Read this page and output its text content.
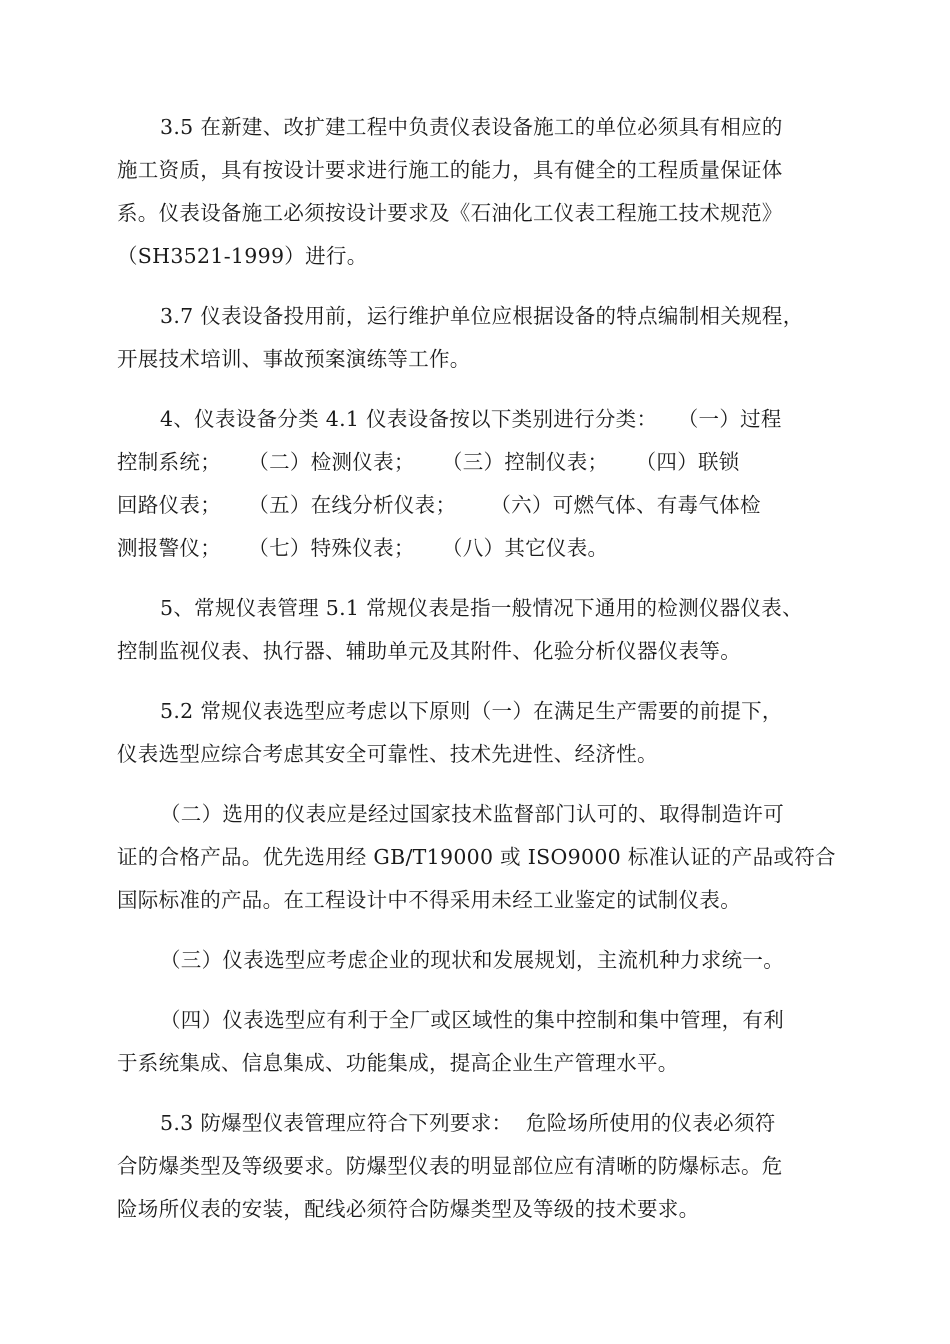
3.5 在新建、改扩建工程中负责仪表设备施工的单位必须具有相应的
施工资质，具有按设计要求进行施工的能力，具有健全的工程质量保证体
系。仪表设备施工必须按设计要求及《石油化工仪表工程施工技术规范》
（SH3521-1999）进行。
3.7 仪表设备投用前，运行维护单位应根据设备的特点编制相关规程，
开展技术培训、事故预案演练等工作。
4、仪表设备分类 4.1 仪表设备按以下类别进行分类：   （一）过程
控制系统；    （二）检测仪表；    （三）控制仪表；    （四）联锁
回路仪表；    （五）在线分析仪表；     （六）可燃气体、有毒气体检
测报警仪；    （七）特殊仪表；    （八）其它仪表。
5、常规仪表管理 5.1 常规仪表是指一般情况下通用的检测仪器仪表、
控制监视仪表、执行器、辅助单元及其附件、化验分析仪器仪表等。
5.2 常规仪表选型应考虑以下原则（一）在满足生产需要的前提下，
仪表选型应综合考虑其安全可靠性、技术先进性、经济性。
（二）选用的仪表应是经过国家技术监督部门认可的、取得制造许可
证的合格产品。优先选用经 GB/T19000 或 ISO9000 标准认证的产品或符合
国际标准的产品。在工程设计中不得采用未经工业鉴定的试制仪表。
（三）仪表选型应考虑企业的现状和发展规划，主流机种力求统一。
（四）仪表选型应有利于全厂或区域性的集中控制和集中管理，有利
于系统集成、信息集成、功能集成，提高企业生产管理水平。
5.3 防爆型仪表管理应符合下列要求：  危险场所使用的仪表必须符
合防爆类型及等级要求。防爆型仪表的明显部位应有清晰的防爆标志。危
险场所仪表的安装，配线必须符合防爆类型及等级的技术要求。
